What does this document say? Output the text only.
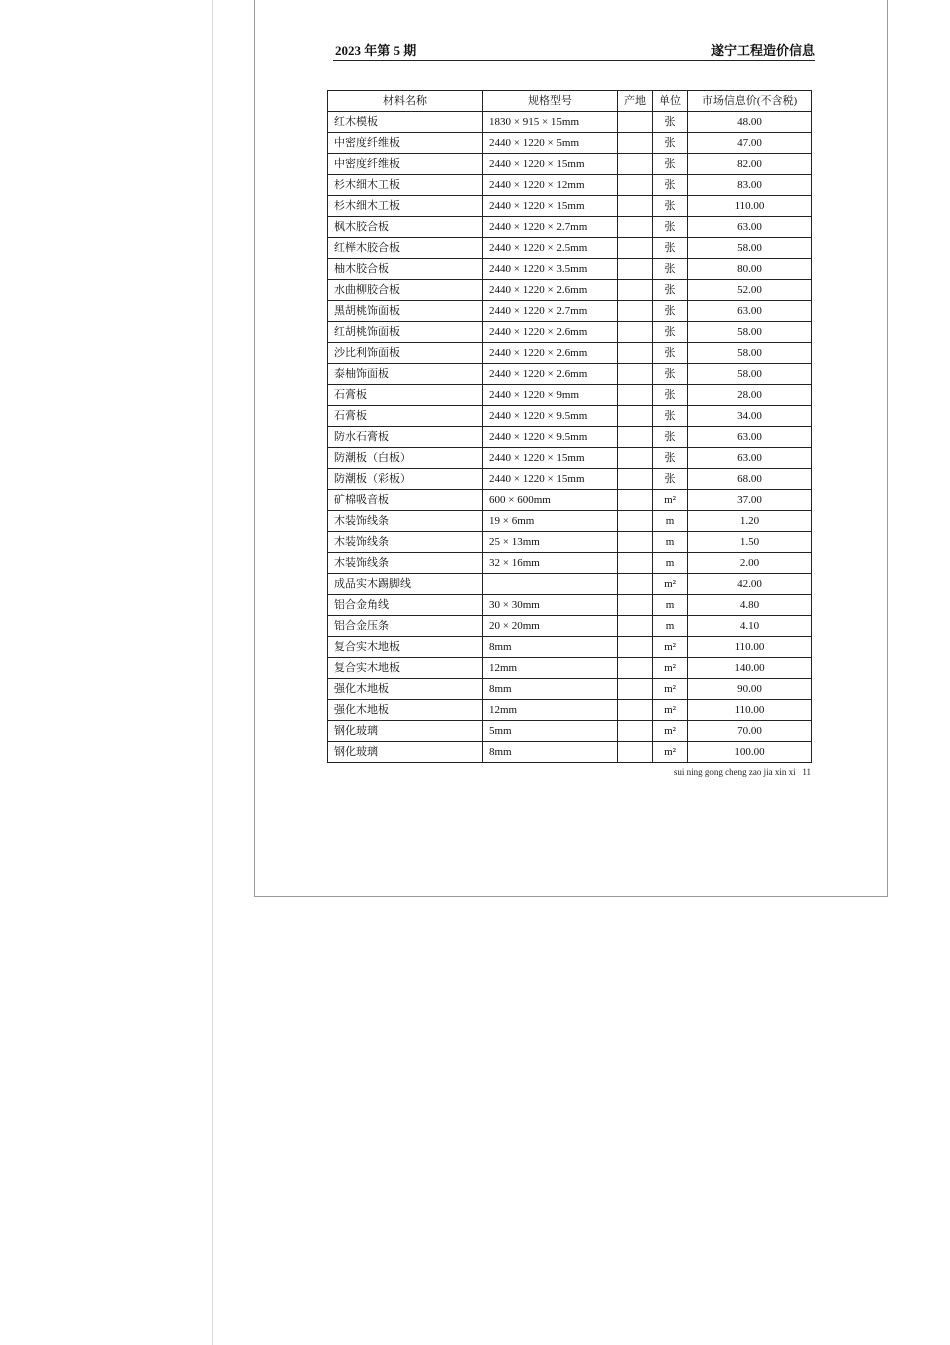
2023 年第 5 期	遂宁工程造价信息
材料名称	规格型号	产地	单位	市场信息价(不含税)
红木模板	1830 × 915 × 15mm		张	48.00
中密度纤维板	2440 × 1220 × 5mm		张	47.00
中密度纤维板	2440 × 1220 × 15mm		张	82.00
杉木细木工板	2440 × 1220 × 12mm		张	83.00
杉木细木工板	2440 × 1220 × 15mm		张	110.00
枫木胶合板	2440 × 1220 × 2.7mm		张	63.00
红榉木胶合板	2440 × 1220 × 2.5mm		张	58.00
柚木胶合板	2440 × 1220 × 3.5mm		张	80.00
水曲柳胶合板	2440 × 1220 × 2.6mm		张	52.00
黑胡桃饰面板	2440 × 1220 × 2.7mm		张	63.00
红胡桃饰面板	2440 × 1220 × 2.6mm		张	58.00
沙比利饰面板	2440 × 1220 × 2.6mm		张	58.00
泰柚饰面板	2440 × 1220 × 2.6mm		张	58.00
石膏板	2440 × 1220 × 9mm		张	28.00
石膏板	2440 × 1220 × 9.5mm		张	34.00
防水石膏板	2440 × 1220 × 9.5mm		张	63.00
防潮板（白板）	2440 × 1220 × 15mm		张	63.00
防潮板（彩板）	2440 × 1220 × 15mm		张	68.00
矿棉吸音板	600 × 600mm		m²	37.00
木装饰线条	19 × 6mm		m	1.20
木装饰线条	25 × 13mm		m	1.50
木装饰线条	32 × 16mm		m	2.00
成品实木踢脚线			m²	42.00
铝合金角线	30 × 30mm		m	4.80
铝合金压条	20 × 20mm		m	4.10
复合实木地板	8mm		m²	110.00
复合实木地板	12mm		m²	140.00
强化木地板	8mm		m²	90.00
强化木地板	12mm		m²	110.00
钢化玻璃	5mm		m²	70.00
钢化玻璃	8mm		m²	100.00
sui ning gong cheng zao jia xin xi 11
